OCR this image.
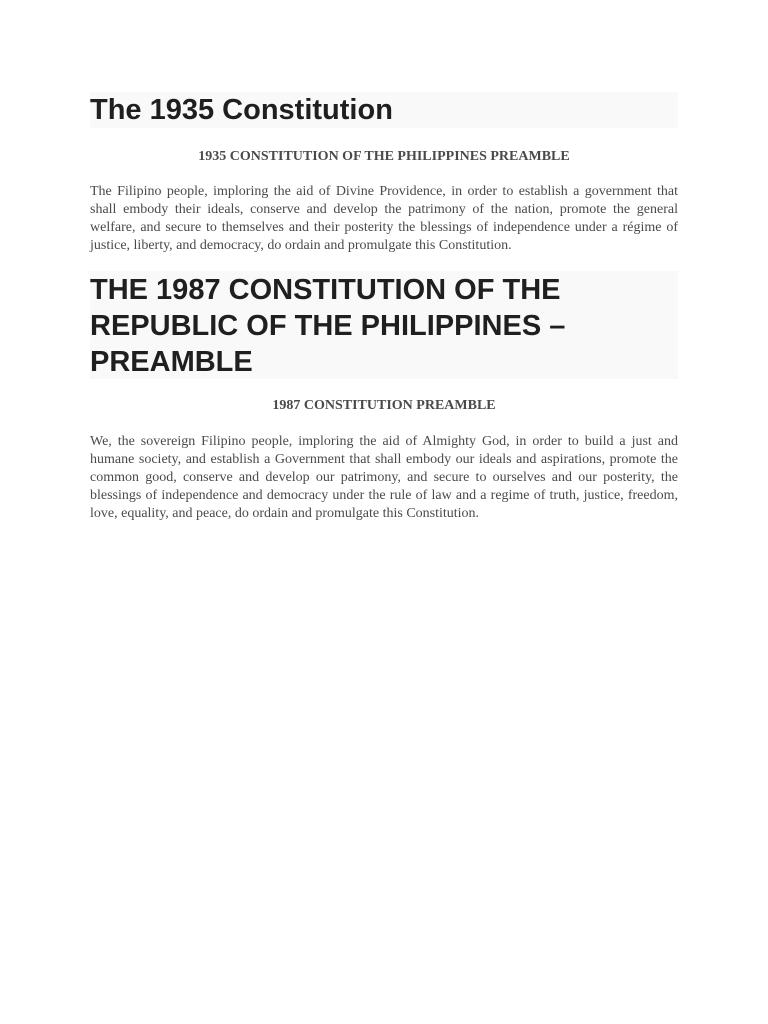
The 1935 Constitution

1935 CONSTITUTION OF THE PHILIPPINES PREAMBLE

The Filipino people, imploring the aid of Divine Providence, in order to establish a government that shall embody their ideals, conserve and develop the patrimony of the nation, promote the general welfare, and secure to themselves and their posterity the blessings of independence under a régime of justice, liberty, and democracy, do ordain and promulgate this Constitution.

THE 1987 CONSTITUTION OF THE REPUBLIC OF THE PHILIPPINES – PREAMBLE

1987 CONSTITUTION PREAMBLE

We, the sovereign Filipino people, imploring the aid of Almighty God, in order to build a just and humane society, and establish a Government that shall embody our ideals and aspirations, promote the common good, conserve and develop our patrimony, and secure to ourselves and our posterity, the blessings of independence and democracy under the rule of law and a regime of truth, justice, freedom, love, equality, and peace, do ordain and promulgate this Constitution.
